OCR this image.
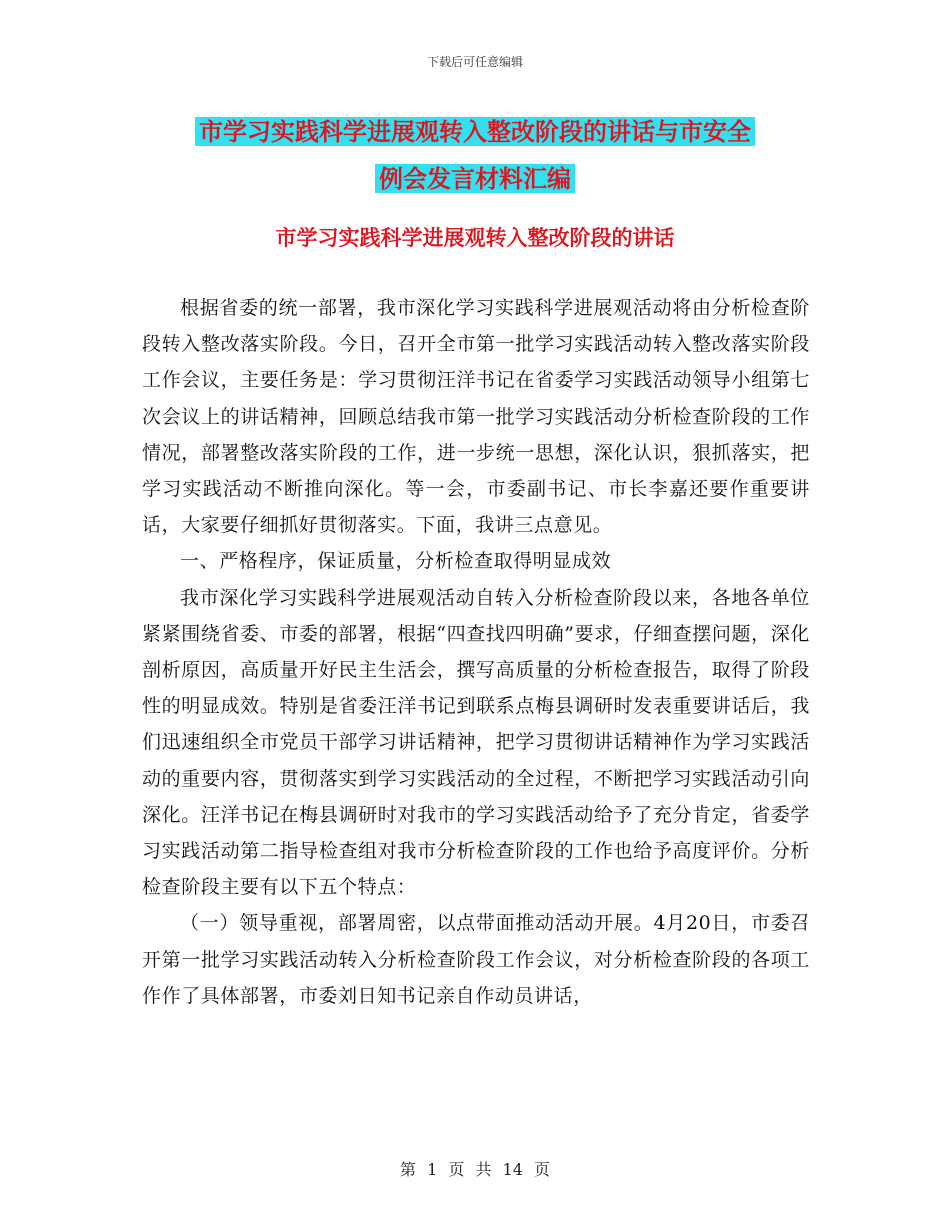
下载后可任意编辑
市学习实践科学进展观转入整改阶段的讲话与市安全
例会发言材料汇编
市学习实践科学进展观转入整改阶段的讲话

根据省委的统一部署，我市深化学习实践科学进展观活动将由分析检查阶段转入整改落实阶段。今日，召开全市第一批学习实践活动转入整改落实阶段工作会议，主要任务是：学习贯彻汪洋书记在省委学习实践活动领导小组第七次会议上的讲话精神，回顾总结我市第一批学习实践活动分析检查阶段的工作情况，部署整改落实阶段的工作，进一步统一思想，深化认识，狠抓落实，把学习实践活动不断推向深化。等一会，市委副书记、市长李嘉还要作重要讲话，大家要仔细抓好贯彻落实。下面，我讲三点意见。

一、严格程序，保证质量，分析检查取得明显成效

我市深化学习实践科学进展观活动自转入分析检查阶段以来，各地各单位紧紧围绕省委、市委的部署，根据“四查找四明确”要求，仔细查摆问题，深化剖析原因，高质量开好民主生活会，撰写高质量的分析检查报告，取得了阶段性的明显成效。特别是省委汪洋书记到联系点梅县调研时发表重要讲话后，我们迅速组织全市党员干部学习讲话精神，把学习贯彻讲话精神作为学习实践活动的重要内容，贯彻落实到学习实践活动的全过程，不断把学习实践活动引向深化。汪洋书记在梅县调研时对我市的学习实践活动给予了充分肯定，省委学习实践活动第二指导检查组对我市分析检查阶段的工作也给予高度评价。分析检查阶段主要有以下五个特点：

（一）领导重视，部署周密，以点带面推动活动开展。4月20日，市委召开第一批学习实践活动转入分析检查阶段工作会议，对分析检查阶段的各项工作作了具体部署，市委刘日知书记亲自作动员讲话，

第 1 页 共 14 页
